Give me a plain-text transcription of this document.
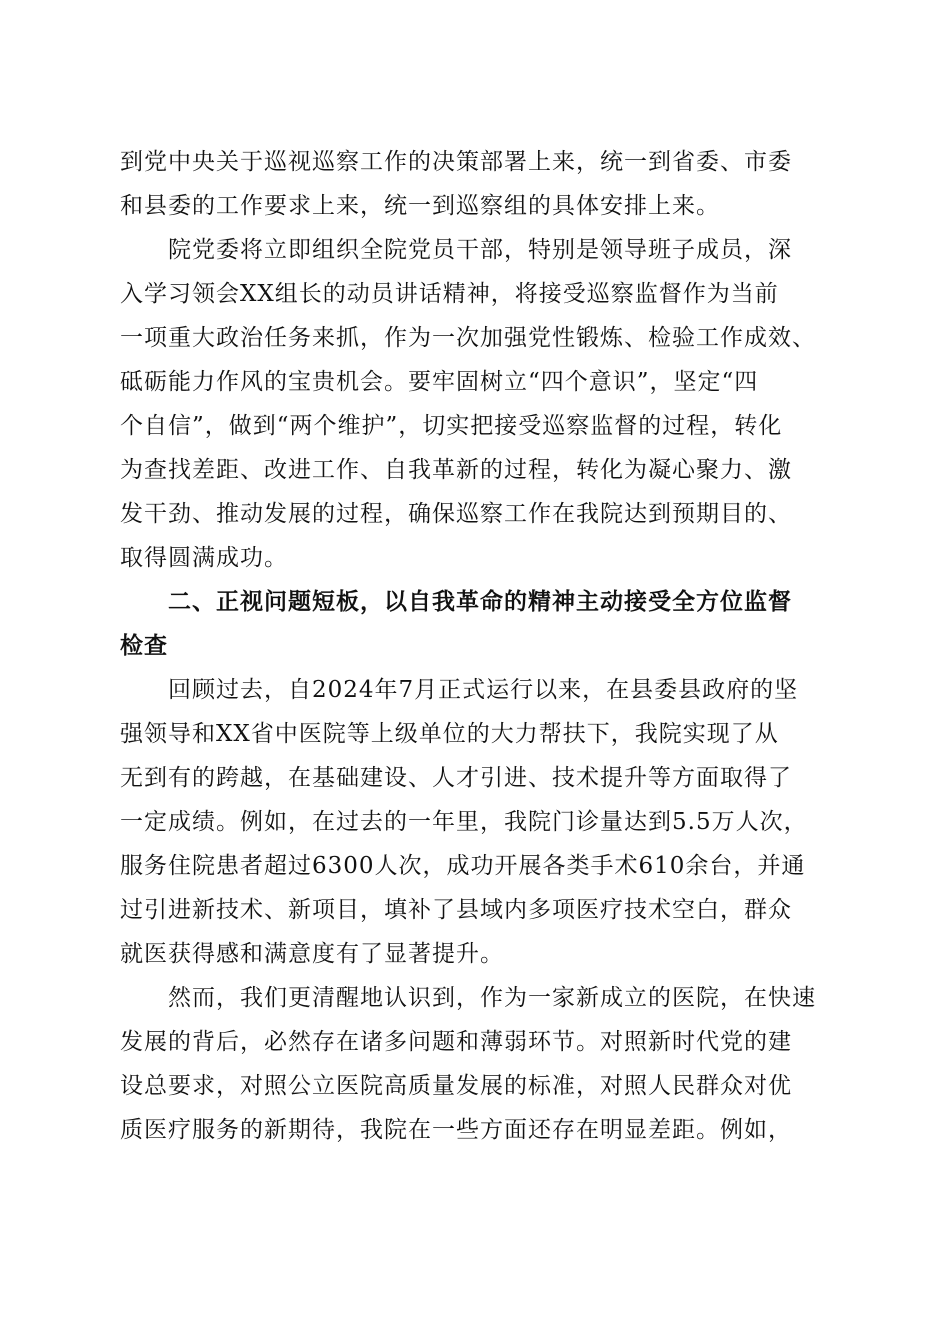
到党中央关于巡视巡察工作的决策部署上来，统一到省委、市委
和县委的工作要求上来，统一到巡察组的具体安排上来。
院党委将立即组织全院党员干部，特别是领导班子成员，深
入学习领会XX组长的动员讲话精神，将接受巡察监督作为当前
一项重大政治任务来抓，作为一次加强党性锻炼、检验工作成效、
砥砺能力作风的宝贵机会。要牢固树立“四个意识”，坚定“四
个自信”，做到“两个维护”，切实把接受巡察监督的过程，转化
为查找差距、改进工作、自我革新的过程，转化为凝心聚力、激
发干劲、推动发展的过程，确保巡察工作在我院达到预期目的、
取得圆满成功。
二、正视问题短板，以自我革命的精神主动接受全方位监督
检查
回顾过去，自2024年7月正式运行以来，在县委县政府的坚
强领导和XX省中医院等上级单位的大力帮扶下，我院实现了从
无到有的跨越，在基础建设、人才引进、技术提升等方面取得了
一定成绩。例如，在过去的一年里，我院门诊量达到5.5万人次，
服务住院患者超过6300人次，成功开展各类手术610余台，并通
过引进新技术、新项目，填补了县域内多项医疗技术空白，群众
就医获得感和满意度有了显著提升。
然而，我们更清醒地认识到，作为一家新成立的医院，在快速
发展的背后，必然存在诸多问题和薄弱环节。对照新时代党的建
设总要求，对照公立医院高质量发展的标准，对照人民群众对优
质医疗服务的新期待，我院在一些方面还存在明显差距。例如，
